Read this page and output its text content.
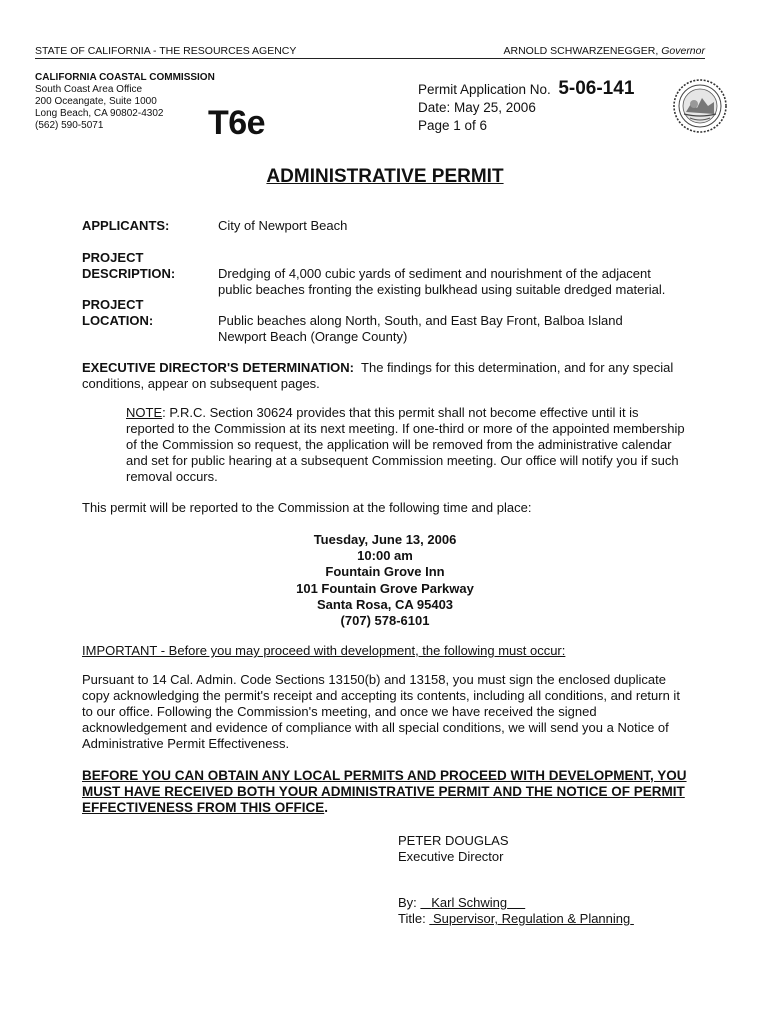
STATE OF CALIFORNIA - THE RESOURCES AGENCY	ARNOLD SCHWARZENEGGER, Governor
CALIFORNIA COASTAL COMMISSION
South Coast Area Office
200 Oceangate, Suite 1000
Long Beach, CA 90802-4302
(562) 590-5071	T6e
Permit Application No. 5-06-141
Date: May 25, 2006
Page 1 of 6
ADMINISTRATIVE PERMIT
APPLICANTS:	City of Newport Beach
PROJECT
DESCRIPTION:	Dredging of 4,000 cubic yards of sediment and nourishment of the adjacent public beaches fronting the existing bulkhead using suitable dredged material.
PROJECT
LOCATION:	Public beaches along North, South, and East Bay Front, Balboa Island
Newport Beach (Orange County)
EXECUTIVE DIRECTOR'S DETERMINATION: The findings for this determination, and for any special conditions, appear on subsequent pages.
NOTE: P.R.C. Section 30624 provides that this permit shall not become effective until it is reported to the Commission at its next meeting. If one-third or more of the appointed membership of the Commission so request, the application will be removed from the administrative calendar and set for public hearing at a subsequent Commission meeting. Our office will notify you if such removal occurs.
This permit will be reported to the Commission at the following time and place:
Tuesday, June 13, 2006
10:00 am
Fountain Grove Inn
101 Fountain Grove Parkway
Santa Rosa, CA 95403
(707) 578-6101
IMPORTANT - Before you may proceed with development, the following must occur:
Pursuant to 14 Cal. Admin. Code Sections 13150(b) and 13158, you must sign the enclosed duplicate copy acknowledging the permit's receipt and accepting its contents, including all conditions, and return it to our office. Following the Commission's meeting, and once we have received the signed acknowledgement and evidence of compliance with all special conditions, we will send you a Notice of Administrative Permit Effectiveness.
BEFORE YOU CAN OBTAIN ANY LOCAL PERMITS AND PROCEED WITH DEVELOPMENT, YOU MUST HAVE RECEIVED BOTH YOUR ADMINISTRATIVE PERMIT AND THE NOTICE OF PERMIT EFFECTIVENESS FROM THIS OFFICE.
PETER DOUGLAS
Executive Director
By: Karl Schwing
Title: Supervisor, Regulation & Planning
